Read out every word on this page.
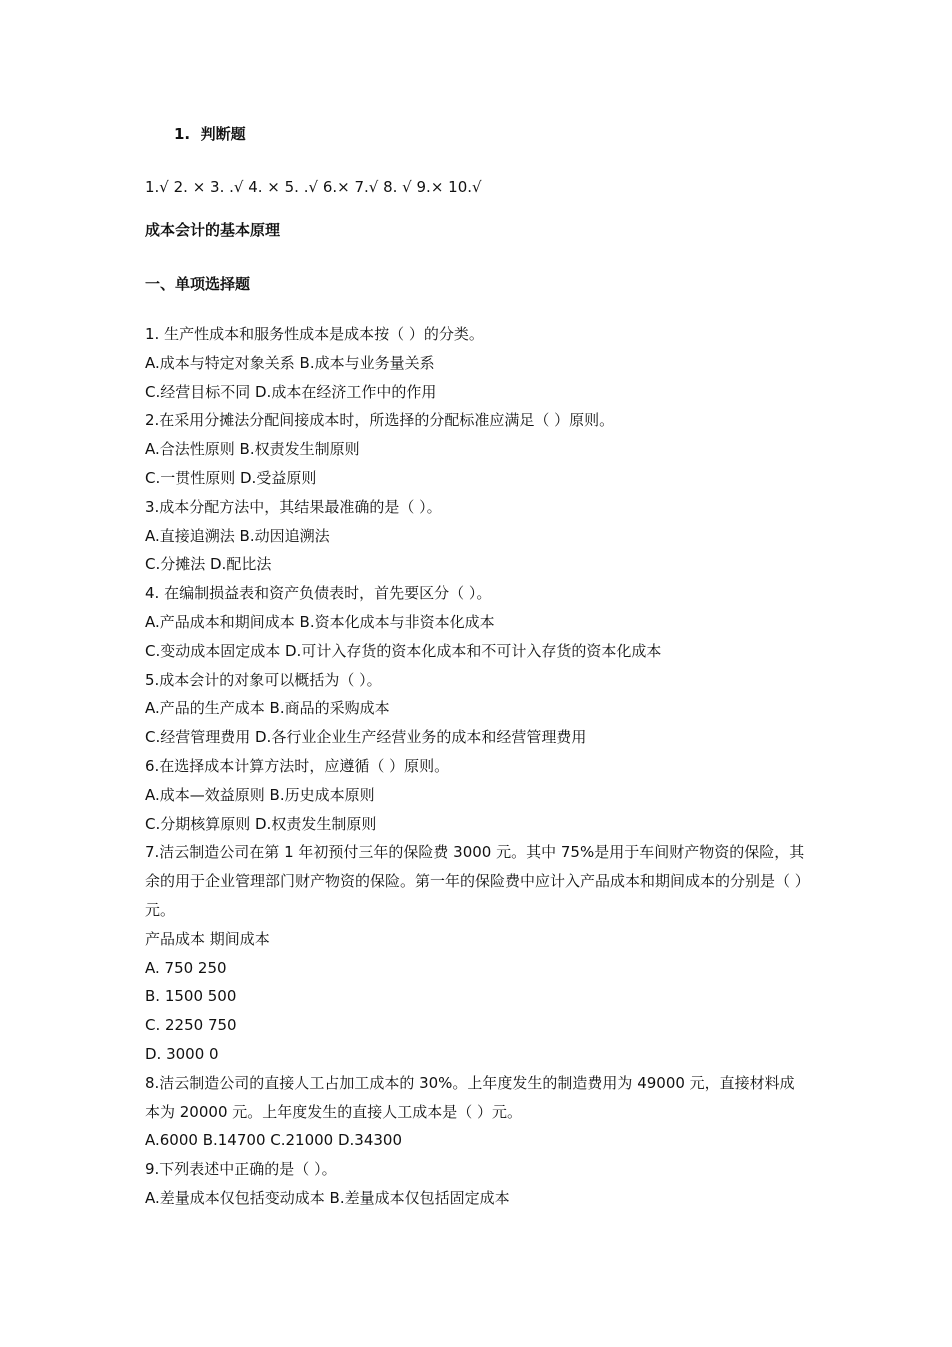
1. 判断题
1.√ 2. × 3. .√ 4. × 5. .√ 6.× 7.√ 8. √ 9.× 10.√
成本会计的基本原理
一、单项选择题
1. 生产性成本和服务性成本是成本按（ ）的分类。
A.成本与特定对象关系 B.成本与业务量关系
C.经营目标不同 D.成本在经济工作中的作用
2.在采用分摊法分配间接成本时，所选择的分配标准应满足（ ）原则。
A.合法性原则 B.权责发生制原则
C.一贯性原则 D.受益原则
3.成本分配方法中，其结果最准确的是（ ）。
A.直接追溯法 B.动因追溯法
C.分摊法 D.配比法
4. 在编制损益表和资产负债表时，首先要区分（ ）。
A.产品成本和期间成本 B.资本化成本与非资本化成本
C.变动成本固定成本 D.可计入存货的资本化成本和不可计入存货的资本化成本
5.成本会计的对象可以概括为（ ）。
A.产品的生产成本 B.商品的采购成本
C.经营管理费用 D.各行业企业生产经营业务的成本和经营管理费用
6.在选择成本计算方法时，应遵循（ ）原则。
A.成本—效益原则 B.历史成本原则
C.分期核算原则 D.权责发生制原则
7.洁云制造公司在第 1 年初预付三年的保险费 3000 元。其中 75%是用于车间财产物资的保险，其
余的用于企业管理部门财产物资的保险。第一年的保险费中应计入产品成本和期间成本的分别是（ ）
元。
产品成本 期间成本
A. 750 250
B. 1500 500
C. 2250 750
D. 3000 0
8.洁云制造公司的直接人工占加工成本的 30%。上年度发生的制造费用为 49000 元，直接材料成
本为 20000 元。上年度发生的直接人工成本是（ ）元。
A.6000 B.14700 C.21000 D.34300
9.下列表述中正确的是（ ）。
A.差量成本仅包括变动成本 B.差量成本仅包括固定成本
